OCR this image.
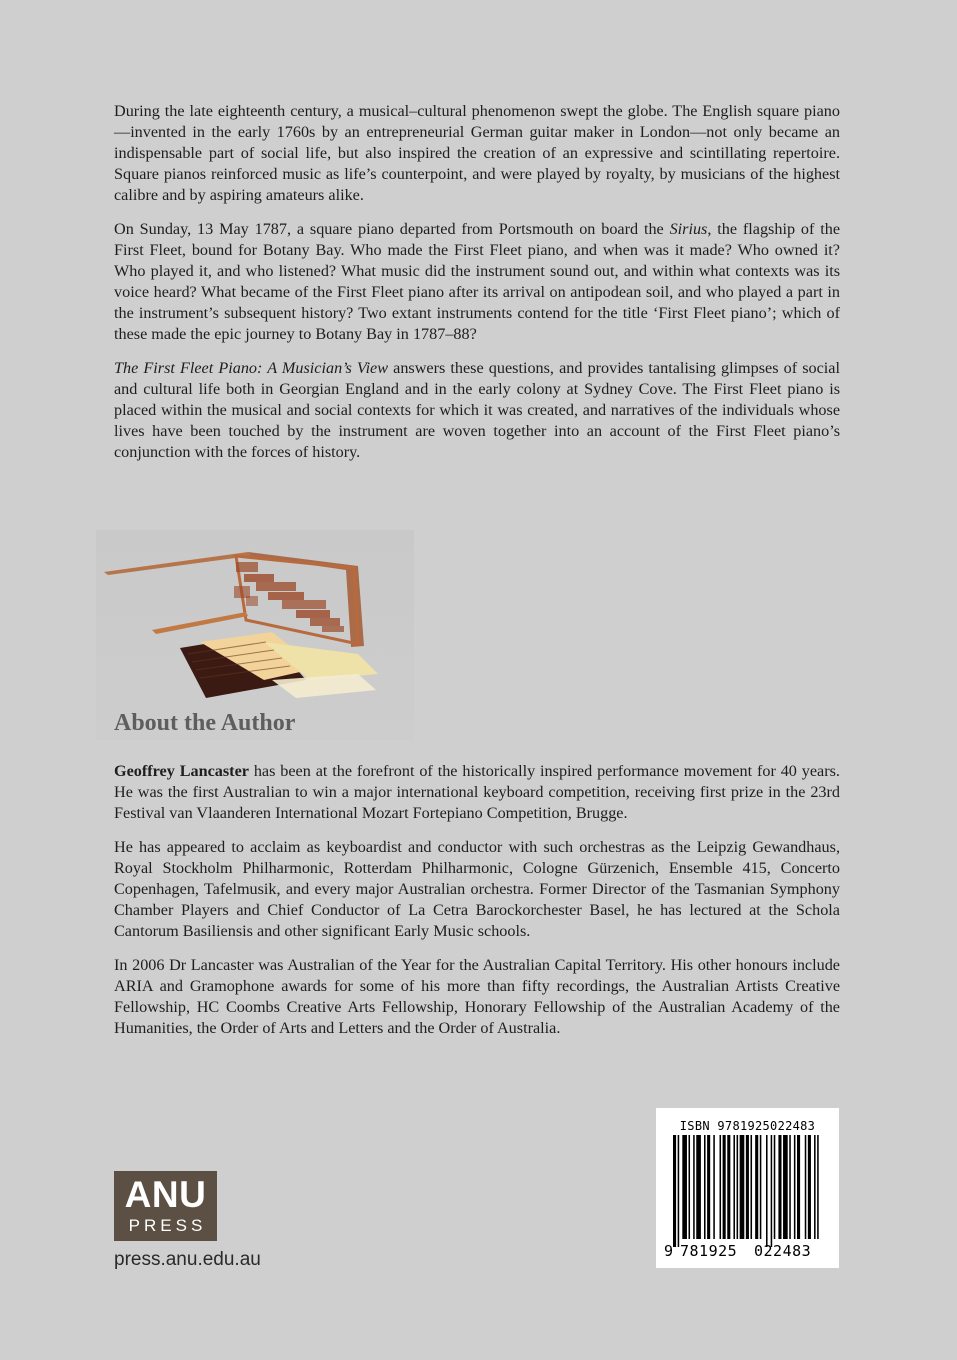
During the late eighteenth century, a musical–cultural phenomenon swept the globe. The English square piano—invented in the early 1760s by an entrepreneurial German guitar maker in London—not only became an indispensable part of social life, but also inspired the creation of an expressive and scintillating repertoire. Square pianos reinforced music as life’s counterpoint, and were played by royalty, by musicians of the highest calibre and by aspiring amateurs alike.

On Sunday, 13 May 1787, a square piano departed from Portsmouth on board the Sirius, the flagship of the First Fleet, bound for Botany Bay. Who made the First Fleet piano, and when was it made? Who owned it? Who played it, and who listened? What music did the instrument sound out, and within what contexts was its voice heard? What became of the First Fleet piano after its arrival on antipodean soil, and who played a part in the instrument’s subsequent history? Two extant instruments contend for the title ‘First Fleet piano’; which of these made the epic journey to Botany Bay in 1787–88?

The First Fleet Piano: A Musician’s View answers these questions, and provides tantalising glimpses of social and cultural life both in Georgian England and in the early colony at Sydney Cove. The First Fleet piano is placed within the musical and social contexts for which it was created, and narratives of the individuals whose lives have been touched by the instrument are woven together into an account of the First Fleet piano’s conjunction with the forces of history.

About the Author

Geoffrey Lancaster has been at the forefront of the historically inspired performance movement for 40 years. He was the first Australian to win a major international keyboard competition, receiving first prize in the 23rd Festival van Vlaanderen International Mozart Fortepiano Competition, Brugge.

He has appeared to acclaim as keyboardist and conductor with such orchestras as the Leipzig Gewandhaus, Royal Stockholm Philharmonic, Rotterdam Philharmonic, Cologne Gürzenich, Ensemble 415, Concerto Copenhagen, Tafelmusik, and every major Australian orchestra. Former Director of the Tasmanian Symphony Chamber Players and Chief Conductor of La Cetra Barockorchester Basel, he has lectured at the Schola Cantorum Basiliensis and other significant Early Music schools.

In 2006 Dr Lancaster was Australian of the Year for the Australian Capital Territory. His other honours include ARIA and Gramophone awards for some of his more than fifty recordings, the Australian Artists Creative Fellowship, HC Coombs Creative Arts Fellowship, Honorary Fellowship of the Australian Academy of the Humanities, the Order of Arts and Letters and the Order of Australia.

ANU
PRESS
press.anu.edu.au
ISBN 9781925022483
9 781925 022483
